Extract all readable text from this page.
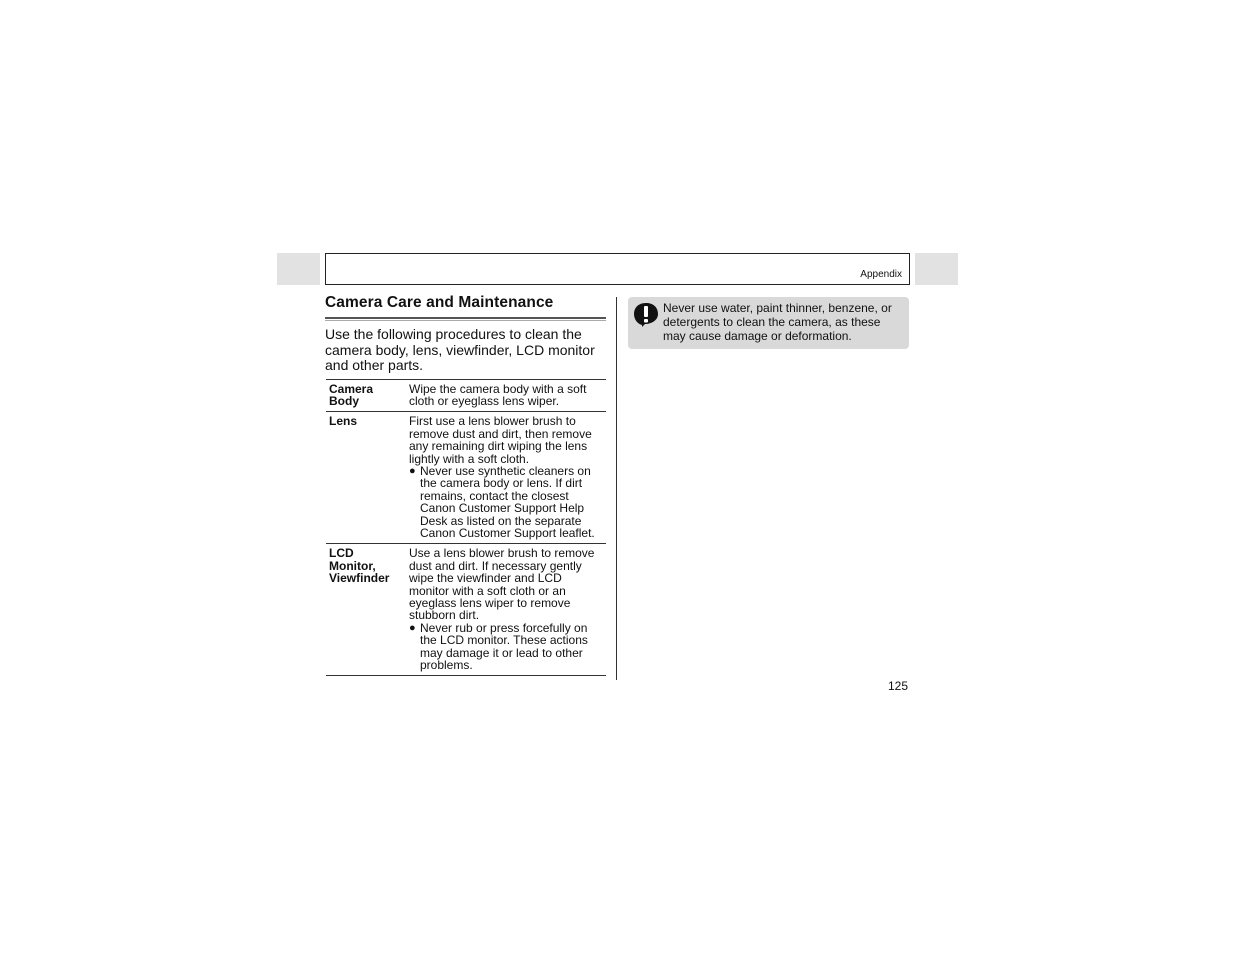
Appendix
Camera Care and Maintenance

Use the following procedures to clean the camera body, lens, viewfinder, LCD monitor and other parts.

Camera Body	Wipe the camera body with a soft cloth or eyeglass lens wiper.

Lens	First use a lens blower brush to remove dust and dirt, then remove any remaining dirt wiping the lens lightly with a soft cloth.
● Never use synthetic cleaners on the camera body or lens. If dirt remains, contact the closest Canon Customer Support Help Desk as listed on the separate Canon Customer Support leaflet.

LCD Monitor, Viewfinder	Use a lens blower brush to remove dust and dirt. If necessary gently wipe the viewfinder and LCD monitor with a soft cloth or an eyeglass lens wiper to remove stubborn dirt.
● Never rub or press forcefully on the LCD monitor. These actions may damage it or lead to other problems.
Never use water, paint thinner, benzene, or detergents to clean the camera, as these may cause damage or deformation.
125
